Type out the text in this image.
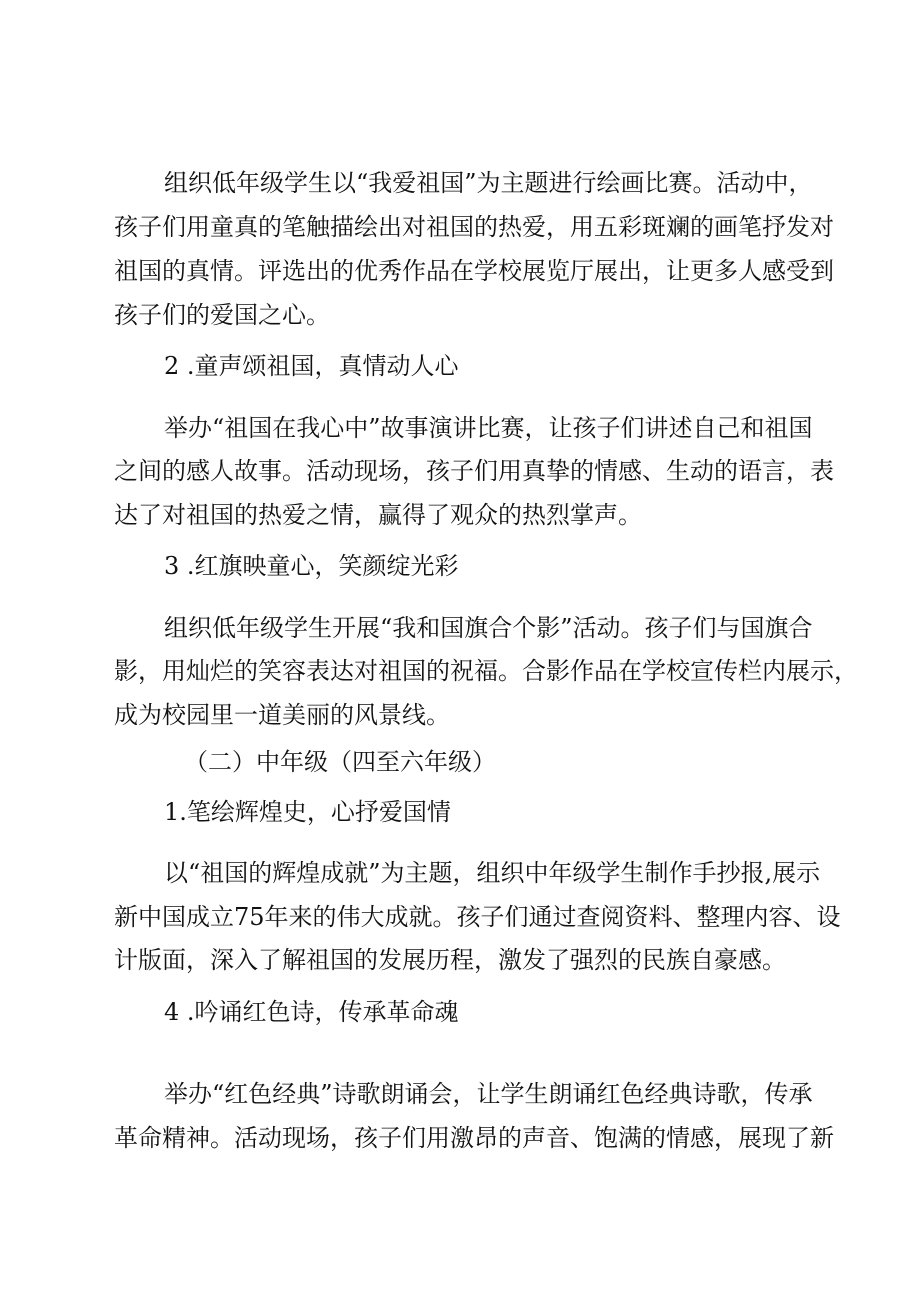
组织低年级学生以“我爱祖国”为主题进行绘画比赛。活动中，
孩子们用童真的笔触描绘出对祖国的热爱，用五彩斑斓的画笔抒发对
祖国的真情。评选出的优秀作品在学校展览厅展出，让更多人感受到
孩子们的爱国之心。
2 .童声颂祖国，真情动人心
举办“祖国在我心中”故事演讲比赛，让孩子们讲述自己和祖国
之间的感人故事。活动现场，孩子们用真挚的情感、生动的语言，表
达了对祖国的热爱之情，赢得了观众的热烈掌声。
3 .红旗映童心，笑颜绽光彩
组织低年级学生开展“我和国旗合个影”活动。孩子们与国旗合
影，用灿烂的笑容表达对祖国的祝福。合影作品在学校宣传栏内展示，
成为校园里一道美丽的风景线。
（二）中年级（四至六年级）
1.笔绘辉煌史，心抒爱国情
以“祖国的辉煌成就”为主题，组织中年级学生制作手抄报,展示
新中国成立75年来的伟大成就。孩子们通过查阅资料、整理内容、设
计版面，深入了解祖国的发展历程，激发了强烈的民族自豪感。
4 .吟诵红色诗，传承革命魂
举办“红色经典”诗歌朗诵会，让学生朗诵红色经典诗歌，传承
革命精神。活动现场，孩子们用激昂的声音、饱满的情感，展现了新
